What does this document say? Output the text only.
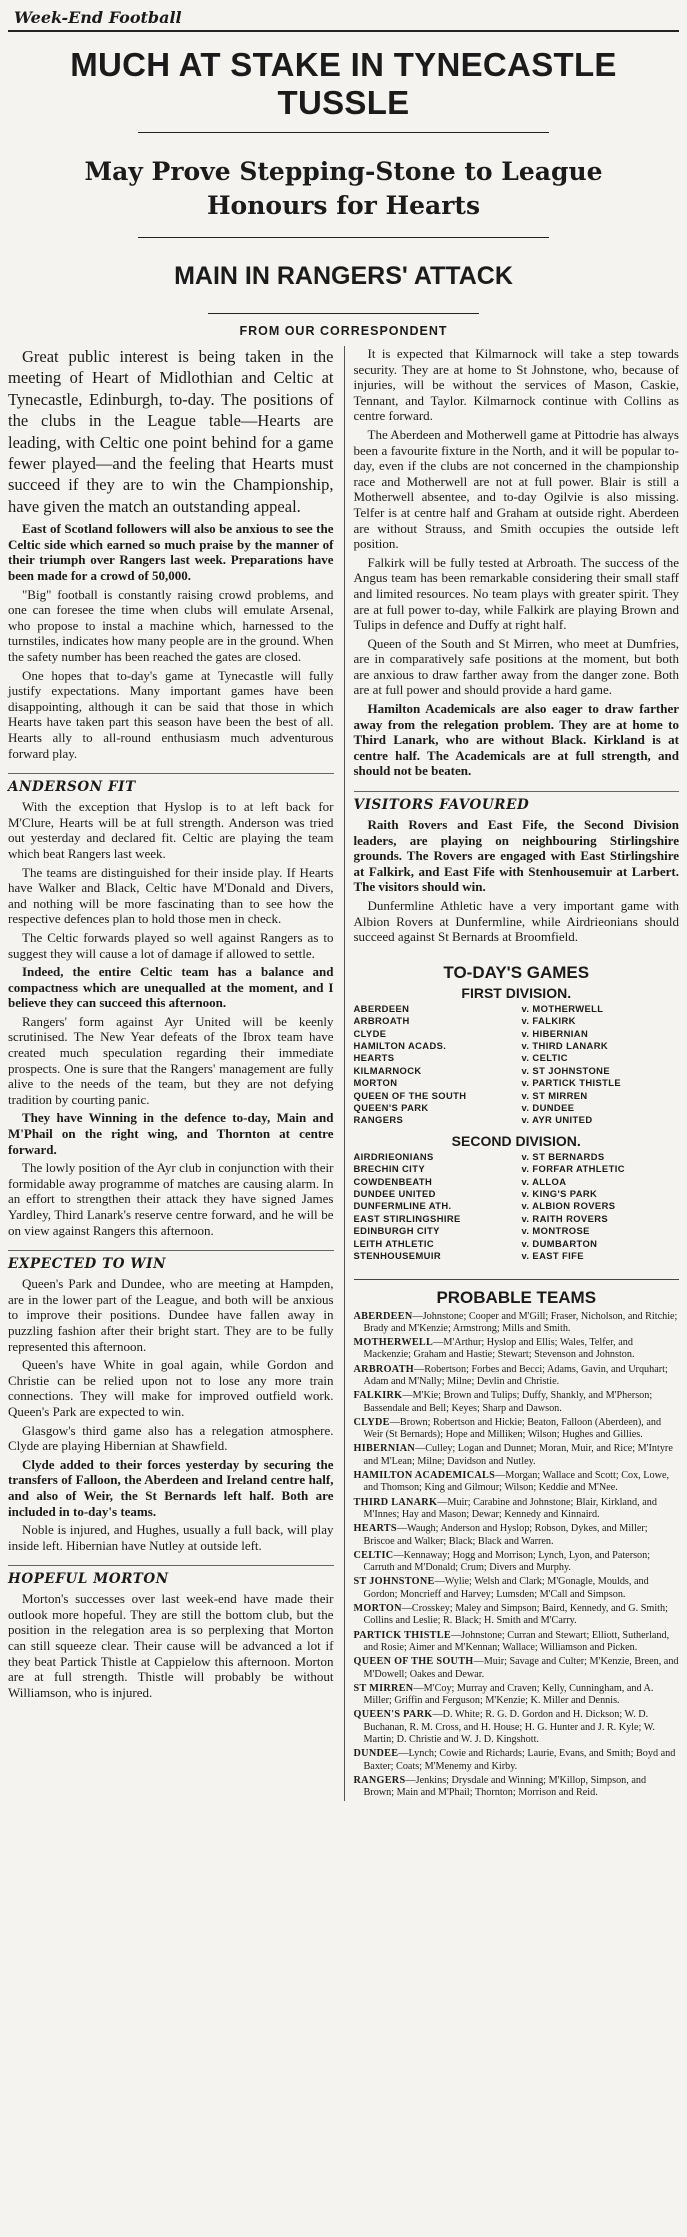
Week-End Football
MUCH AT STAKE IN TYNECASTLE
TUSSLE
May Prove Stepping-Stone to League
Honours for Hearts
MAIN IN RANGERS' ATTACK
FROM OUR CORRESPONDENT

Great public interest is being taken in the meeting of Heart of Midlothian and Celtic at Tynecastle, Edinburgh, to-day. The positions of the clubs in the League table—Hearts are leading, with Celtic one point behind for a game fewer played—and the feeling that Hearts must succeed if they are to win the Championship, have given the match an outstanding appeal.

East of Scotland followers will also be anxious to see the Celtic side which earned so much praise by the manner of their triumph over Rangers last week. Preparations have been made for a crowd of 50,000.

"Big" football is constantly raising crowd problems, and one can foresee the time when clubs will emulate Arsenal, who propose to instal a machine which, harnessed to the turnstiles, indicates how many people are in the ground. When the safety number has been reached the gates are closed.

One hopes that to-day's game at Tynecastle will fully justify expectations. Many important games have been disappointing, although it can be said that those in which Hearts have taken part this season have been the best of all. Hearts ally to all-round enthusiasm much adventurous forward play.

ANDERSON FIT

With the exception that Hyslop is to at left back for M'Clure, Hearts will be at full strength. Anderson was tried out yesterday and declared fit. Celtic are playing the team which beat Rangers last week.

The teams are distinguished for their inside play. If Hearts have Walker and Black, Celtic have M'Donald and Divers, and nothing will be more fascinating than to see how the respective defences plan to hold those men in check.

The Celtic forwards played so well against Rangers as to suggest they will cause a lot of damage if allowed to settle.

Indeed, the entire Celtic team has a balance and compactness which are unequalled at the moment, and I believe they can succeed this afternoon.

Rangers' form against Ayr United will be keenly scrutinised. The New Year defeats of the Ibrox team have created much speculation regarding their immediate prospects. One is sure that the Rangers' management are fully alive to the needs of the team, but they are not defying tradition by courting panic.

They have Winning in the defence to-day, Main and M'Phail on the right wing, and Thornton at centre forward.

The lowly position of the Ayr club in conjunction with their formidable away programme of matches are causing alarm. In an effort to strengthen their attack they have signed James Yardley, Third Lanark's reserve centre forward, and he will be on view against Rangers this afternoon.

EXPECTED TO WIN

Queen's Park and Dundee, who are meeting at Hampden, are in the lower part of the League, and both will be anxious to improve their positions. Dundee have fallen away in puzzling fashion after their bright start. They are to be fully represented this afternoon.

Queen's have Whitе in goal again, while Gordon and Christie can be relied upon not to lose any more train connections. They will make for improved outfield work. Queen's Park are expected to win.

Glasgow's third game also has a relegation atmosphere. Clyde are playing Hibernian at Shawfield.

Clyde added to their forces yesterday by securing the transfers of Falloon, the Aberdeen and Ireland centre half, and also of Weir, the St Bernards left half. Both are included in to-day's teams.

Noble is injured, and Hughes, usually a full back, will play inside left. Hibernian have Nutley at outside left.

HOPEFUL MORTON

Morton's successes over last week-end have made their outlook more hopeful. They are still the bottom club, but the position in the relegation area is so perplexing that Morton can still squeeze clear. Their cause will be advanced a lot if they beat Partick Thistle at Cappielow this afternoon. Morton are at full strength. Thistle will probably be without Williamson, who is injured.

It is expected that Kilmarnock will take a step towards security. They are at home to St Johnstone, who, because of injuries, will be without the services of Mason, Caskie, Tennant, and Taylor. Kilmarnock continue with Collins as centre forward.

The Aberdeen and Motherwell game at Pittodrie has always been a favourite fixture in the North, and it will be popular to-day, even if the clubs are not concerned in the championship race and Motherwell are not at full power. Blair is still a Motherwell absentee, and to-day Ogilvie is also missing. Telfer is at centre half and Graham at outside right. Aberdeen are without Strauss, and Smith occupies the outside left position.

Falkirk will be fully tested at Arbroath. The success of the Angus team has been remarkable considering their small staff and limited resources. No team plays with greater spirit. They are at full power to-day, while Falkirk are playing Brown and Tulips in defence and Duffy at right half.

Queen of the South and St Mirren, who meet at Dumfries, are in comparatively safe positions at the moment, but both are anxious to draw farther away from the danger zone. Both are at full power and should provide a hard game.

Hamilton Academicals are also eager to draw farther away from the relegation problem. They are at home to Third Lanark, who are without Black. Kirkland is at centre half. The Academicals are at full strength, and should not be beaten.

VISITORS FAVOURED

Raith Rovers and East Fife, the Second Division leaders, are playing on neighbouring Stirlingshire grounds. The Rovers are engaged with East Stirlingshire at Falkirk, and East Fife with Stenhousemuir at Larbert. The visitors should win.

Dunfermline Athletic have a very important game with Albion Rovers at Dunfermline, while Airdrieonians should succeed against St Bernards at Broomfield.

TO-DAY'S GAMES
FIRST DIVISION.
ABERDEEN	v. MOTHERWELL
ARBROATH	v. FALKIRK
CLYDE	v. HIBERNIAN
HAMILTON ACADS.	v. THIRD LANARK
HEARTS	v. CELTIC
KILMARNOCK	v. ST JOHNSTONE
MORTON	v. PARTICK THISTLE
QUEEN OF THE SOUTH	v. ST MIRREN
QUEEN'S PARK	v. DUNDEE
RANGERS	v. AYR UNITED
SECOND DIVISION.
AIRDRIEONIANS	v. ST BERNARDS
BRECHIN CITY	v. FORFAR ATHLETIC
COWDENBEATH	v. ALLOA
DUNDEE UNITED	v. KING'S PARK
DUNFERMLINE ATH.	v. ALBION ROVERS
EAST STIRLINGSHIRE	v. RAITH ROVERS
EDINBURGH CITY	v. MONTROSE
LEITH ATHLETIC	v. DUMBARTON
STENHOUSEMUIR	v. EAST FIFE
PROBABLE TEAMS
ABERDEEN—Johnstone; Cooper and M'Gill; Fraser, Nicholson, and Ritchie; Brady and M'Kenzie; Armstrong; Mills and Smith.
MOTHERWELL—M'Arthur; Hyslop and Ellis; Wales, Telfer, and Mackenzie; Graham and Hastie; Stewart; Stevenson and Johnston.
ARBROATH—Robertson; Forbes and Becci; Adams, Gavin, and Urquhart; Adam and M'Nally; Milne; Devlin and Christie.
FALKIRK—M'Kie; Brown and Tulips; Duffy, Shankly, and M'Pherson; Bassendale and Bell; Keyes; Sharp and Dawson.
CLYDE—Brown; Robertson and Hickie; Beaton, Falloon (Aberdeen), and Weir (St Bernards); Hope and Milliken; Wilson; Hughes and Gillies.
HIBERNIAN—Culley; Logan and Dunnet; Moran, Muir, and Rice; M'Intyre and M'Lean; Milne; Davidson and Nutley.
HAMILTON ACADEMICALS—Morgan; Wallace and Scott; Cox, Lowe, and Thomson; King and Gilmour; Wilson; Keddie and M'Nee.
THIRD LANARK—Muir; Carabine and Johnstone; Blair, Kirkland, and M'Innes; Hay and Mason; Dewar; Kennedy and Kinnaird.
HEARTS—Waugh; Anderson and Hyslop; Robson, Dykes, and Miller; Briscoe and Walker; Black; Black and Warren.
CELTIC—Kennaway; Hogg and Morrison; Lynch, Lyon, and Paterson; Carruth and M'Donald; Crum; Divers and Murphy.
ST JOHNSTONE—Wylie; Welsh and Clark; M'Gonagle, Moulds, and Gordon; Moncrieff and Harvey; Lumsden; M'Call and Simpson.
MORTON—Crosskey; Maley and Simpson; Baird, Kennedy, and G. Smith; Collins and Leslie; R. Black; H. Smith and M'Carry.
PARTICK THISTLE—Johnstone; Curran and Stewart; Elliott, Sutherland, and Rosie; Aimer and M'Kennan; Wallace; Williamson and Picken.
QUEEN OF THE SOUTH—Muir; Savage and Culter; M'Kenzie, Breen, and M'Dowell; Oakes and Dewar.
ST MIRREN—M'Coy; Murray and Craven; Kelly, Cunningham, and A. Miller; Griffin and Ferguson; M'Kenzie; K. Miller and Dennis.
QUEEN'S PARK—D. White; R. G. D. Gordon and H. Dickson; W. D. Buchanan, R. M. Cross, and H. House; H. G. Hunter and J. R. Kyle; W. Martin; D. Christie and W. J. D. Kingshott.
DUNDEE—Lynch; Cowie and Richards; Laurie, Evans, and Smith; Boyd and Baxter; Coats; M'Menemy and Kirby.
RANGERS—Jenkins; Drysdale and Winning; M'Killop, Simpson, and Brown; Main and M'Phail; Thornton; Morrison and Reid.
